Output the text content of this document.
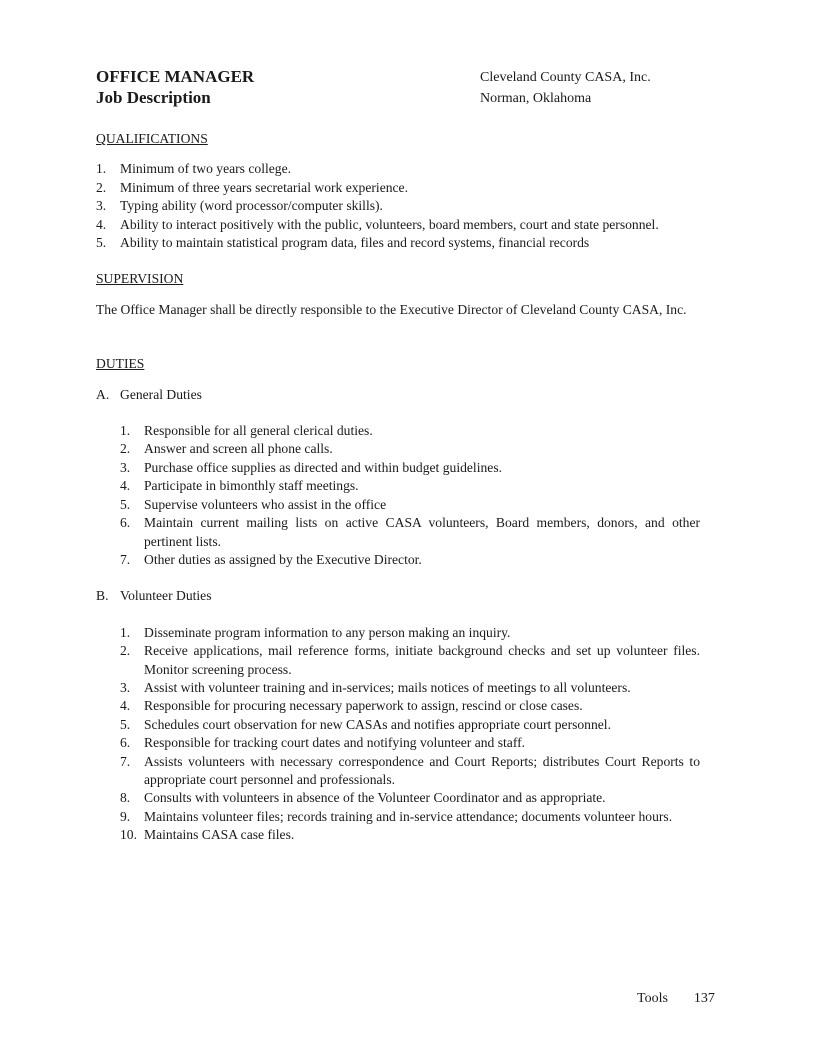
OFFICE MANAGER	Cleveland County CASA, Inc.
Job Description	Norman, Oklahoma

QUALIFICATIONS

1. Minimum of two years college.
2. Minimum of three years secretarial work experience.
3. Typing ability (word processor/computer skills).
4. Ability to interact positively with the public, volunteers, board members, court and state personnel.
5. Ability to maintain statistical program data, files and record systems, financial records

SUPERVISION

The Office Manager shall be directly responsible to the Executive Director of Cleveland County CASA, Inc.

DUTIES

A. General Duties
1. Responsible for all general clerical duties.
2. Answer and screen all phone calls.
3. Purchase office supplies as directed and within budget guidelines.
4. Participate in bimonthly staff meetings.
5. Supervise volunteers who assist in the office
6. Maintain current mailing lists on active CASA volunteers, Board members, donors, and other pertinent lists.
7. Other duties as assigned by the Executive Director.
B. Volunteer Duties
1. Disseminate program information to any person making an inquiry.
2. Receive applications, mail reference forms, initiate background checks and set up volunteer files. Monitor screening process.
3. Assist with volunteer training and in-services; mails notices of meetings to all volunteers.
4. Responsible for procuring necessary paperwork to assign, rescind or close cases.
5. Schedules court observation for new CASAs and notifies appropriate court personnel.
6. Responsible for tracking court dates and notifying volunteer and staff.
7. Assists volunteers with necessary correspondence and Court Reports; distributes Court Reports to appropriate court personnel and professionals.
8. Consults with volunteers in absence of the Volunteer Coordinator and as appropriate.
9. Maintains volunteer files; records training and in-service attendance; documents volunteer hours.
10. Maintains CASA case files.
Tools 137
